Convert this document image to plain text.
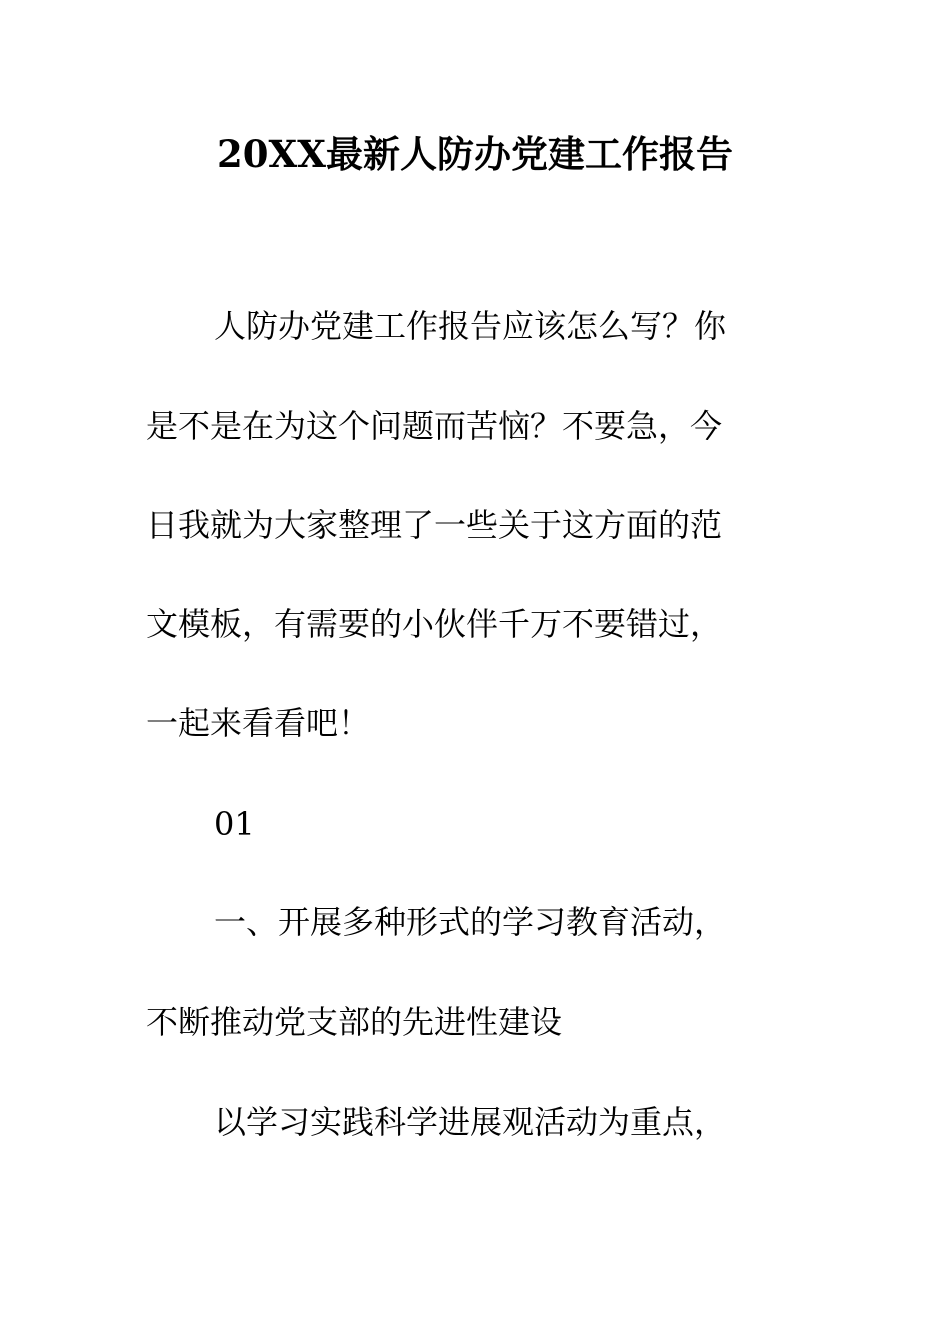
20XX最新人防办党建工作报告
人防办党建工作报告应该怎么写？你
是不是在为这个问题而苦恼？不要急，今
日我就为大家整理了一些关于这方面的范
文模板，有需要的小伙伴千万不要错过，
一起来看看吧！
01
一、开展多种形式的学习教育活动，
不断推动党支部的先进性建设
以学习实践科学进展观活动为重点，
